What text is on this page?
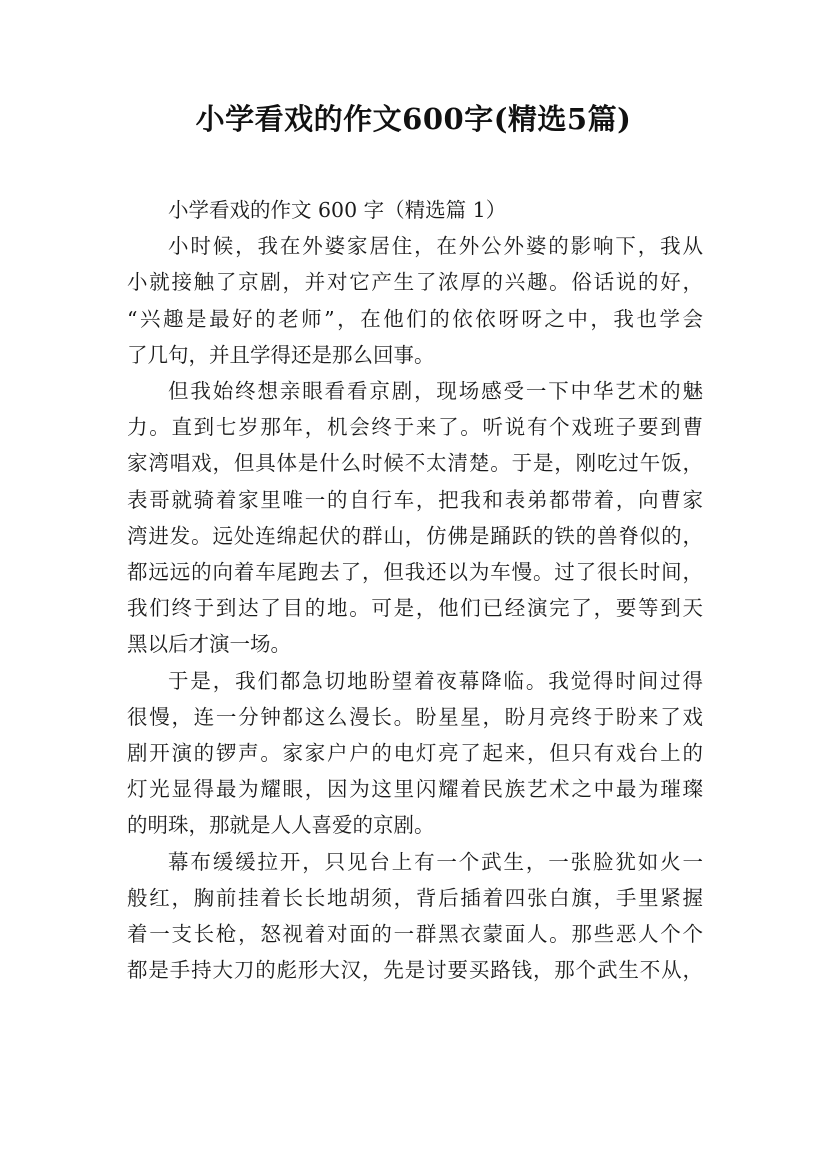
小学看戏的作文600字(精选5篇)

小学看戏的作文 600 字（精选篇 1）

小时候，我在外婆家居住，在外公外婆的影响下，我从
小就接触了京剧，并对它产生了浓厚的兴趣。俗话说的好，
“兴趣是最好的老师”，在他们的依依呀呀之中，我也学会
了几句，并且学得还是那么回事。

但我始终想亲眼看看京剧，现场感受一下中华艺术的魅
力。直到七岁那年，机会终于来了。听说有个戏班子要到曹
家湾唱戏，但具体是什么时候不太清楚。于是，刚吃过午饭，
表哥就骑着家里唯一的自行车，把我和表弟都带着，向曹家
湾进发。远处连绵起伏的群山，仿佛是踊跃的铁的兽脊似的，
都远远的向着车尾跑去了，但我还以为车慢。过了很长时间，
我们终于到达了目的地。可是，他们已经演完了，要等到天
黑以后才演一场。

于是，我们都急切地盼望着夜幕降临。我觉得时间过得
很慢，连一分钟都这么漫长。盼星星，盼月亮终于盼来了戏
剧开演的锣声。家家户户的电灯亮了起来，但只有戏台上的
灯光显得最为耀眼，因为这里闪耀着民族艺术之中最为璀璨
的明珠，那就是人人喜爱的京剧。

幕布缓缓拉开，只见台上有一个武生，一张脸犹如火一
般红，胸前挂着长长地胡须，背后插着四张白旗，手里紧握
着一支长枪，怒视着对面的一群黑衣蒙面人。那些恶人个个
都是手持大刀的彪形大汉，先是讨要买路钱，那个武生不从，
